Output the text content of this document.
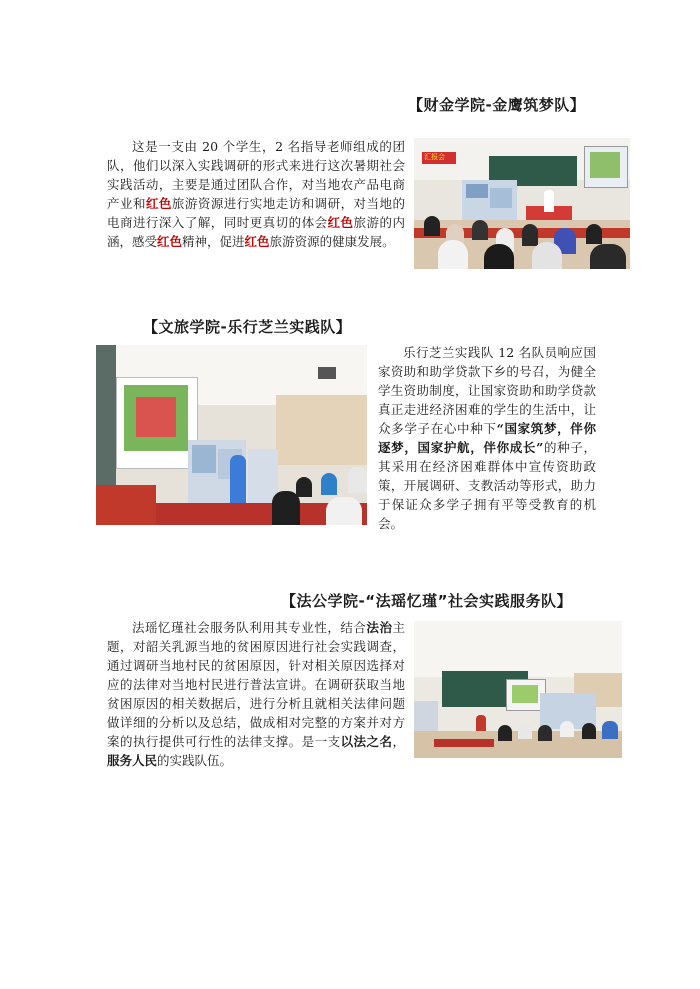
【财金学院-金鹰筑梦队】

这是一支由 20 个学生，2 名指导老师组成的团队，他们以深入实践调研的形式来进行这次暑期社会实践活动，主要是通过团队合作，对当地农产品电商产业和红色旅游资源进行实地走访和调研，对当地的电商进行深入了解，同时更真切的体会红色旅游的内涵，感受红色精神，促进红色旅游资源的健康发展。

汇报会
【文旅学院-乐行芝兰实践队】

乐行芝兰实践队 12 名队员响应国家资助和助学贷款下乡的号召，为健全学生资助制度，让国家资助和助学贷款真正走进经济困难的学生的生活中，让众多学子在心中种下“国家筑梦，伴你逐梦，国家护航，伴你成长”的种子，其采用在经济困难群体中宣传资助政策，开展调研、支教活动等形式，助力于保证众多学子拥有平等受教育的机会。

【法公学院-“法瑶忆瑾”社会实践服务队】

法瑶忆瑾社会服务队利用其专业性，结合法治主题，对韶关乳源当地的贫困原因进行社会实践调查，通过调研当地村民的贫困原因，针对相关原因选择对应的法律对当地村民进行普法宣讲。在调研获取当地贫困原因的相关数据后，进行分析且就相关法律问题做详细的分析以及总结，做成相对完整的方案并对方案的执行提供可行性的法律支撑。是一支以法之名，服务人民的实践队伍。
